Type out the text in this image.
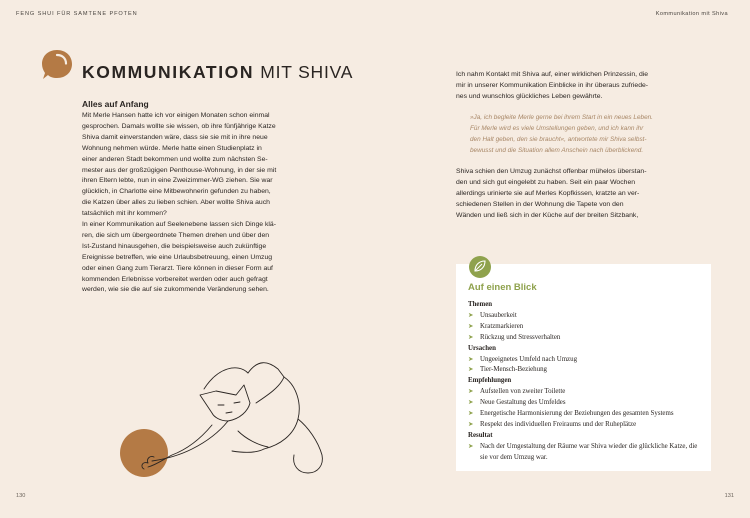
FENG SHUI FÜR SAMTENE PFOTEN
KOMMUNIKATION MIT SHIVA
Alles auf Anfang

Mit Merle Hansen hatte ich vor einigen Monaten schon einmal

gesprochen. Damals wollte sie wissen, ob ihre fünfjährige Katze

Shiva damit einverstanden wäre, dass sie sie mit in ihre neue

Wohnung nehmen würde. Merle hatte einen Studienplatz in

einer anderen Stadt bekommen und wollte zum nächsten Se-

mester aus der großzügigen Penthouse-Wohnung, in der sie mit

ihren Eltern lebte, nun in eine Zweizimmer-WG ziehen. Sie war

glücklich, in Charlotte eine Mitbewohnerin gefunden zu haben,

die Katzen über alles zu lieben schien. Aber wollte Shiva auch

tatsächlich mit ihr kommen?

In einer Kommunikation auf Seelenebene lassen sich Dinge klä-

ren, die sich um übergeordnete Themen drehen und über den

Ist-Zustand hinausgehen, die beispielsweise auch zukünftige

Ereignisse betreffen, wie eine Urlaubsbetreuung, einen Umzug

oder einen Gang zum Tierarzt. Tiere können in dieser Form auf

kommenden Erlebnisse vorbereitet werden oder auch gefragt

werden, wie sie die auf sie zukommende Veränderung sehen.

130
Kommunikation mit Shiva

Ich nahm Kontakt mit Shiva auf, einer wirklichen Prinzessin, die

mir in unserer Kommunikation Einblicke in ihr überaus zufriede-

nes und wunschlos glückliches Leben gewährte.

»Ja, ich begleite Merle gerne bei ihrem Start in ein neues Leben.

Für Merle wird es viele Umstellungen geben, und ich kann ihr

den Halt geben, den sie braucht«, antwortete mir Shiva selbst-

bewusst und die Situation allem Anschein nach überblickend.

Shiva schien den Umzug zunächst offenbar mühelos überstan-

den und sich gut eingelebt zu haben. Seit ein paar Wochen

allerdings urinierte sie auf Merles Kopfkissen, kratzte an ver-

schiedenen Stellen in der Wohnung die Tapete von den

Wänden und ließ sich in der Küche auf der breiten Sitzbank,

Auf einen Blick
Themen
➤ Unsauberkeit
➤ Kratzmarkieren
➤ Rückzug und Stressverhalten
Ursachen
➤ Ungeeignetes Umfeld nach Umzug
➤ Tier-Mensch-Beziehung
Empfehlungen
➤ Aufstellen von zweiter Toilette
➤ Neue Gestaltung des Umfeldes
➤ Energetische Harmonisierung der Beziehungen des gesamten Systems
➤ Respekt des individuellen Freiraums und der Ruheplätze
Resultat
➤ Nach der Umgestaltung der Räume war Shiva wieder die glückliche Katze, die sie vor dem Umzug war.
131
